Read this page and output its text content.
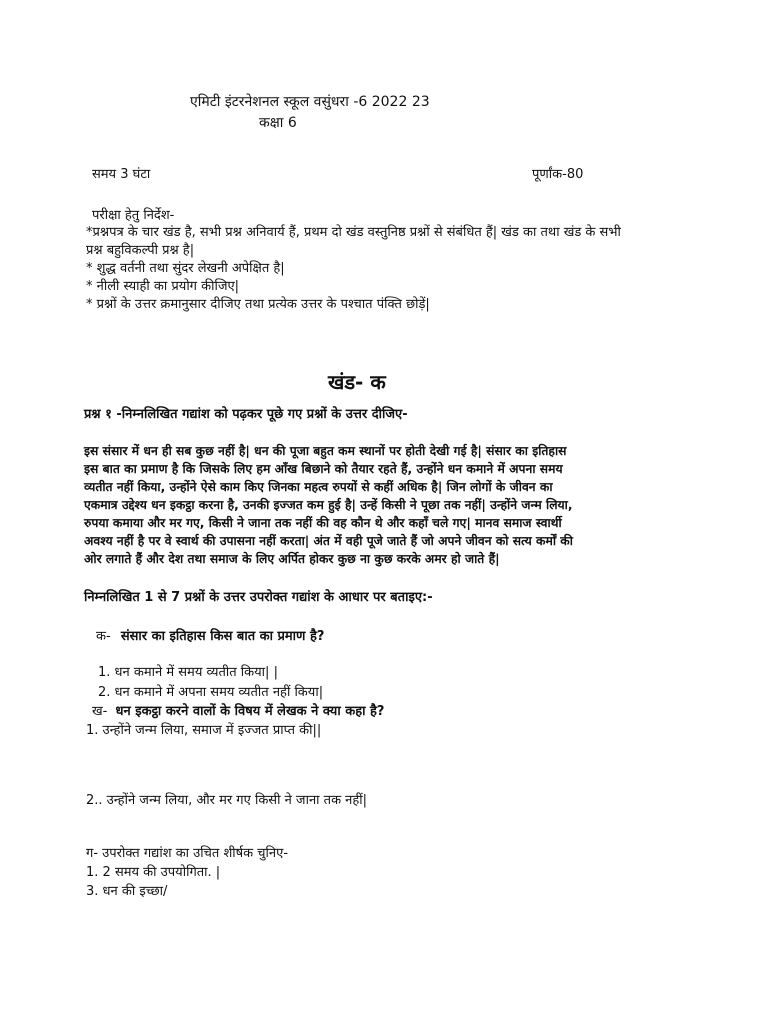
एमिटी इंटरनेशनल स्कूल वसुंधरा -6 2022 23
कक्षा 6
समय 3 घंटा	पूर्णांक-80
परीक्षा हेतु निर्देश-
*प्रश्नपत्र के चार खंड है, सभी प्रश्न अनिवार्य हैं, प्रथम दो खंड वस्तुनिष्ठ प्रश्नों से संबंधित हैं| खंड का तथा खंड के सभी
प्रश्न बहुविकल्पी प्रश्न है|
* शुद्ध वर्तनी तथा सुंदर लेखनी अपेक्षित है|
* नीली स्याही का प्रयोग कीजिए|
* प्रश्नों के उत्तर क्रमानुसार दीजिए तथा प्रत्येक उत्तर के पश्चात पंक्ति छोड़ें|
खंड- क
प्रश्न १ -निम्नलिखित गद्यांश को पढ़कर पूछे गए प्रश्नों के उत्तर दीजिए-
इस संसार में धन ही सब कुछ नहीं है| धन की पूजा बहुत कम स्थानों पर होती देखी गई है| संसार का इतिहास
इस बात का प्रमाण है कि जिसके लिए हम आँख बिछाने को तैयार रहते हैं, उन्होंने धन कमाने में अपना समय
व्यतीत नहीं किया, उन्होंने ऐसे काम किए जिनका महत्व रुपयों से कहीं अधिक है| जिन लोगों के जीवन का
एकमात्र उद्देश्य धन इकट्ठा करना है, उनकी इज्जत कम हुई है| उन्हें किसी ने पूछा तक नहीं| उन्होंने जन्म लिया,
रुपया कमाया और मर गए, किसी ने जाना तक नहीं की वह कौन थे और कहाँ चले गए| मानव समाज स्वार्थी
अवश्य नहीं है पर वे स्वार्थ की उपासना नहीं करता| अंत में वही पूजे जाते हैं जो अपने जीवन को सत्य कर्मों की
ओर लगाते हैं और देश तथा समाज के लिए अर्पित होकर कुछ ना कुछ करके अमर हो जाते हैं|
निम्नलिखित 1 से 7 प्रश्नों के उत्तर उपरोक्त गद्यांश के आधार पर बताइए:-
क- संसार का इतिहास किस बात का प्रमाण है?
1. धन कमाने में समय व्यतीत किया| |
2. धन कमाने में अपना समय व्यतीत नहीं किया|
ख- धन इकट्ठा करने वालों के विषय में लेखक ने क्या कहा है?
1. उन्होंने जन्म लिया, समाज में इज्जत प्राप्त की||
2.. उन्होंने जन्म लिया, और मर गए किसी ने जाना तक नहीं|
ग- उपरोक्त गद्यांश का उचित शीर्षक चुनिए-
1. 2 समय की उपयोगिता. |
3. धन की इच्छा/
